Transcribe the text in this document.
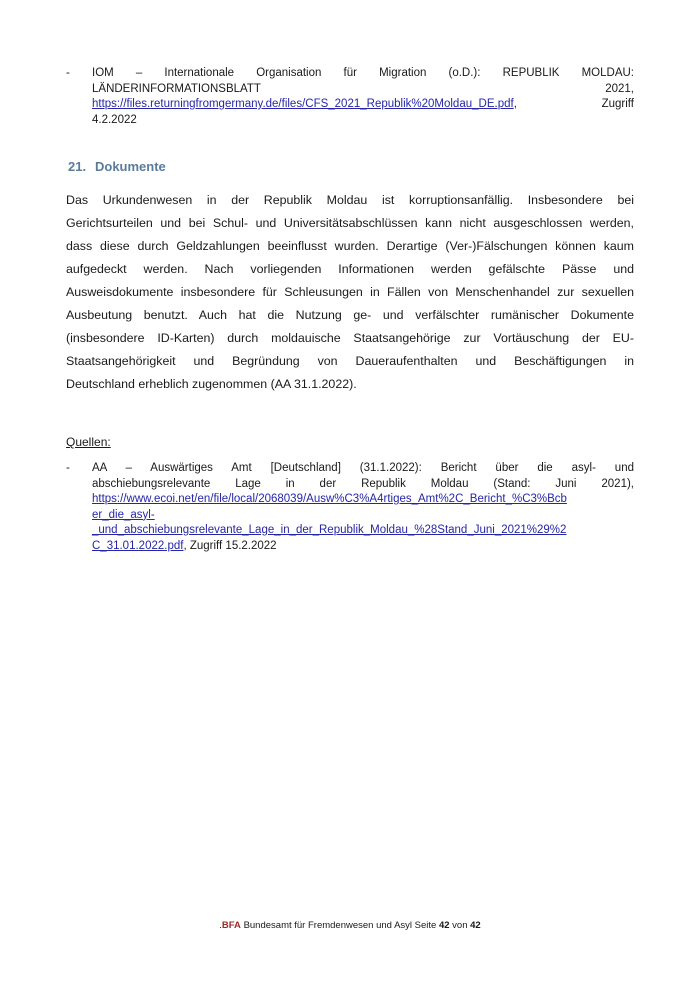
-	IOM – Internationale Organisation für Migration (o.D.): REPUBLIK MOLDAU:
LÄNDERINFORMATIONSBLATT	2021,
https://files.returningfromgermany.de/files/CFS_2021_Republik%20Moldau_DE.pdf,	Zugriff
4.2.2022
21. Dokumente
Das Urkundenwesen in der Republik Moldau ist korruptionsanfällig. Insbesondere bei
Gerichtsurteilen und bei Schul- und Universitätsabschlüssen kann nicht ausgeschlossen werden,
dass diese durch Geldzahlungen beeinflusst wurden. Derartige (Ver-)Fälschungen können kaum
aufgedeckt werden. Nach vorliegenden Informationen werden gefälschte Pässe und
Ausweisdokumente insbesondere für Schleusungen in Fällen von Menschenhandel zur sexuellen
Ausbeutung benutzt. Auch hat die Nutzung ge- und verfälschter rumänischer Dokumente
(insbesondere ID-Karten) durch moldauische Staatsangehörige zur Vortäuschung der EU-
Staatsangehörigkeit und Begründung von Daueraufenthalten und Beschäftigungen in
Deutschland erheblich zugenommen (AA 31.1.2022).
Quellen:
-	AA – Auswärtiges Amt [Deutschland] (31.1.2022): Bericht über die asyl- und
abschiebungsrelevante Lage in der Republik Moldau (Stand: Juni 2021),
https://www.ecoi.net/en/file/local/2068039/Ausw%C3%A4rtiges_Amt%2C_Bericht_%C3%Bcb
er_die_asyl-
_und_abschiebungsrelevante_Lage_in_der_Republik_Moldau_%28Stand_Juni_2021%29%2
C_31.01.2022.pdf, Zugriff 15.2.2022
.BFA Bundesamt für Fremdenwesen und Asyl Seite 42 von 42
